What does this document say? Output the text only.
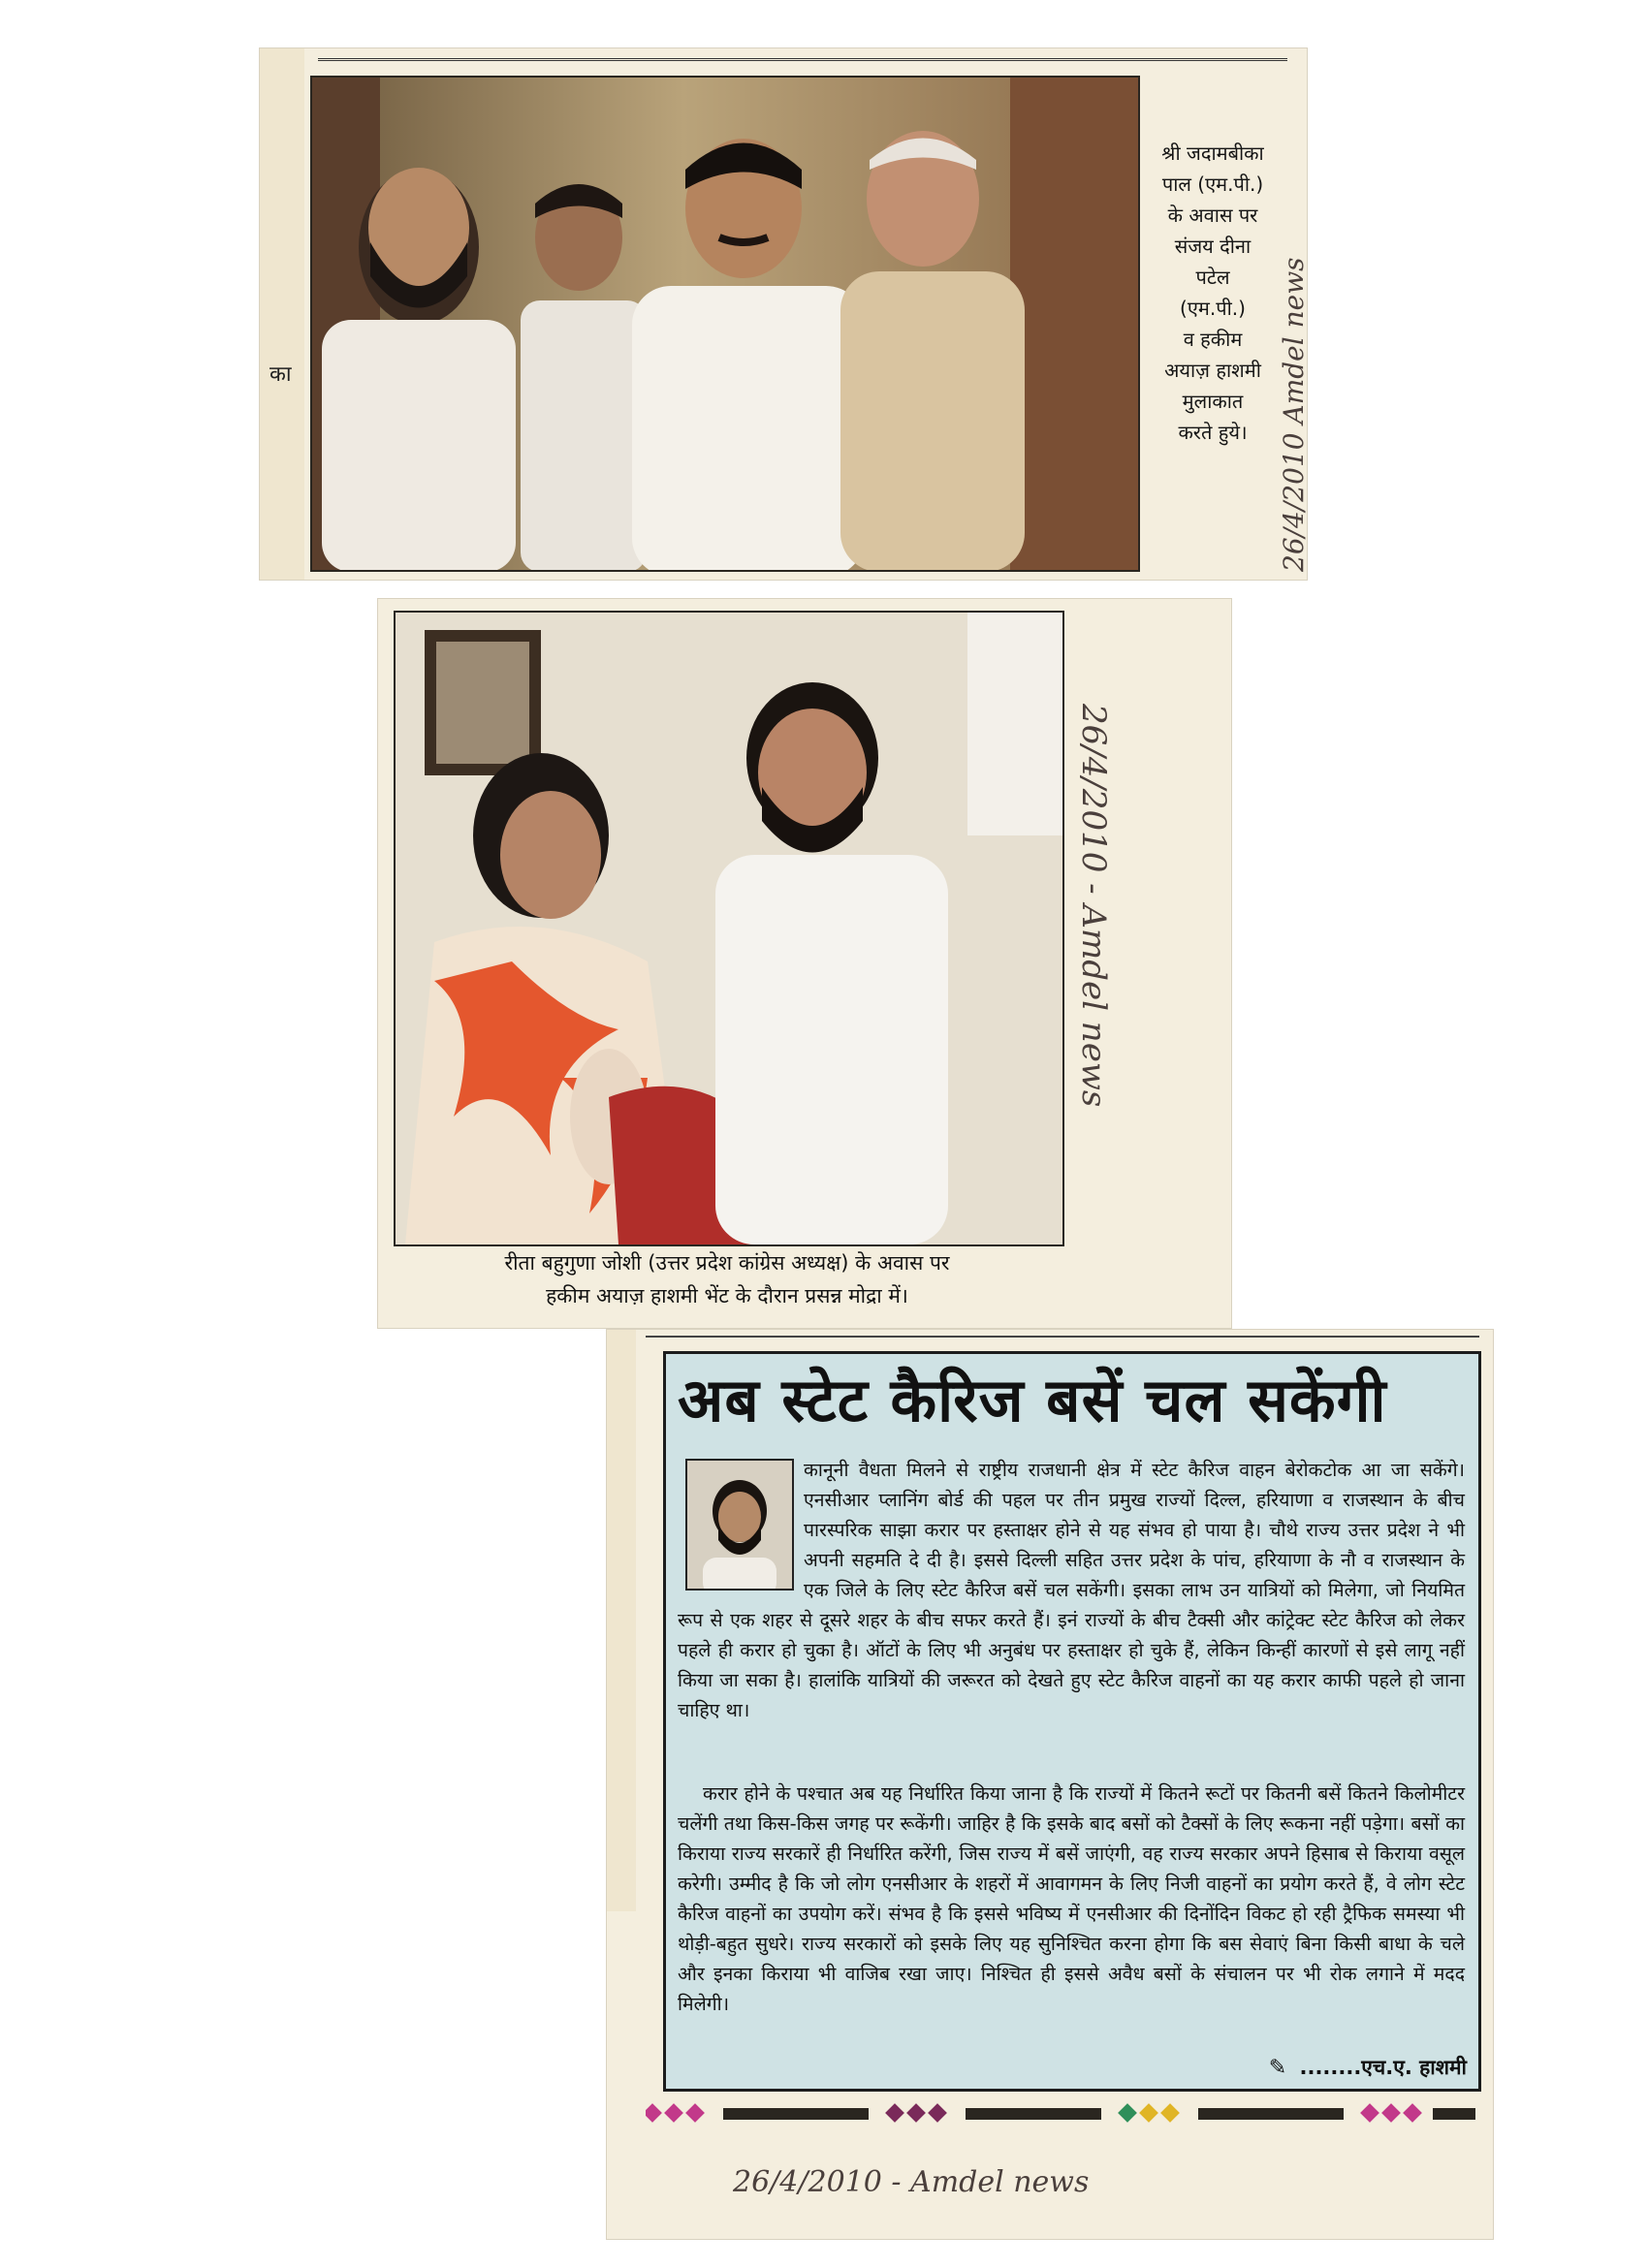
का
श्री जदामबीका
पाल (एम.पी.)
के अवास पर
संजय दीना
पटेल
(एम.पी.)
व हकीम
अयाज़ हाशमी
मुलाकात
करते हुये।	26/4/2010 Amdel news
26/4/2010 - Amdel news
रीता बहुगुणा जोशी (उत्तर प्रदेश कांग्रेस अध्यक्ष) के अवास पर
हकीम अयाज़ हाशमी भेंट के दौरान प्रसन्न मोद्रा में।
अब स्टेट कैरिज बसें चल सकेंगी

कानूनी वैधता मिलने से राष्ट्रीय राजधानी क्षेत्र में स्टेट कैरिज वाहन बेरोकटोक आ जा सकेंगे। एनसीआर प्लानिंग बोर्ड की पहल पर तीन प्रमुख राज्यों दिल्ल, हरियाणा व राजस्थान के बीच पारस्परिक साझा करार पर हस्ताक्षर होने से यह संभव हो पाया है। चौथे राज्य उत्तर प्रदेश ने भी अपनी सहमति दे दी है। इससे दिल्ली सहित उत्तर प्रदेश के पांच, हरियाणा के नौ व राजस्थान के एक जिले के लिए स्टेट कैरिज बसें चल सकेंगी। इसका लाभ उन यात्रियों को मिलेगा, जो नियमित रूप से एक शहर से दूसरे शहर के बीच सफर करते हैं। इनं राज्यों के बीच टैक्सी और कांट्रेक्ट स्टेट कैरिज को लेकर पहले ही करार हो चुका है। ऑटों के लिए भी अनुबंध पर हस्ताक्षर हो चुके हैं, लेकिन किन्हीं कारणों से इसे लागू नहीं किया जा सका है। हालांकि यात्रियों की जरूरत को देखते हुए स्टेट कैरिज वाहनों का यह करार काफी पहले हो जाना चाहिए था।

करार होने के पश्चात अब यह निर्धारित किया जाना है कि राज्यों में कितने रूटों पर कितनी बसें कितने किलोमीटर चलेंगी तथा किस-किस जगह पर रूकेंगी। जाहिर है कि इसके बाद बसों को टैक्सों के लिए रूकना नहीं पड़ेगा। बसों का किराया राज्य सरकारें ही निर्धारित करेंगी, जिस राज्य में बसें जाएंगी, वह राज्य सरकार अपने हिसाब से किराया वसूल करेगी। उम्मीद है कि जो लोग एनसीआर के शहरों में आवागमन के लिए निजी वाहनों का प्रयोग करते हैं, वे लोग स्टेट कैरिज वाहनों का उपयोग करें। संभव है कि इससे भविष्य में एनसीआर की दिनोंदिन विकट हो रही ट्रैफिक समस्या भी थोड़ी-बहुत सुधरे। राज्य सरकारों को इसके लिए यह सुनिश्चित करना होगा कि बस सेवाएं बिना किसी बाधा के चले और इनका किराया भी वाजिब रखा जाए। निश्चित ही इससे अवैध बसों के संचालन पर भी रोक लगाने में मदद मिलेगी।

✎ ........एच.ए. हाशमी
26/4/2010 - Amdel news
